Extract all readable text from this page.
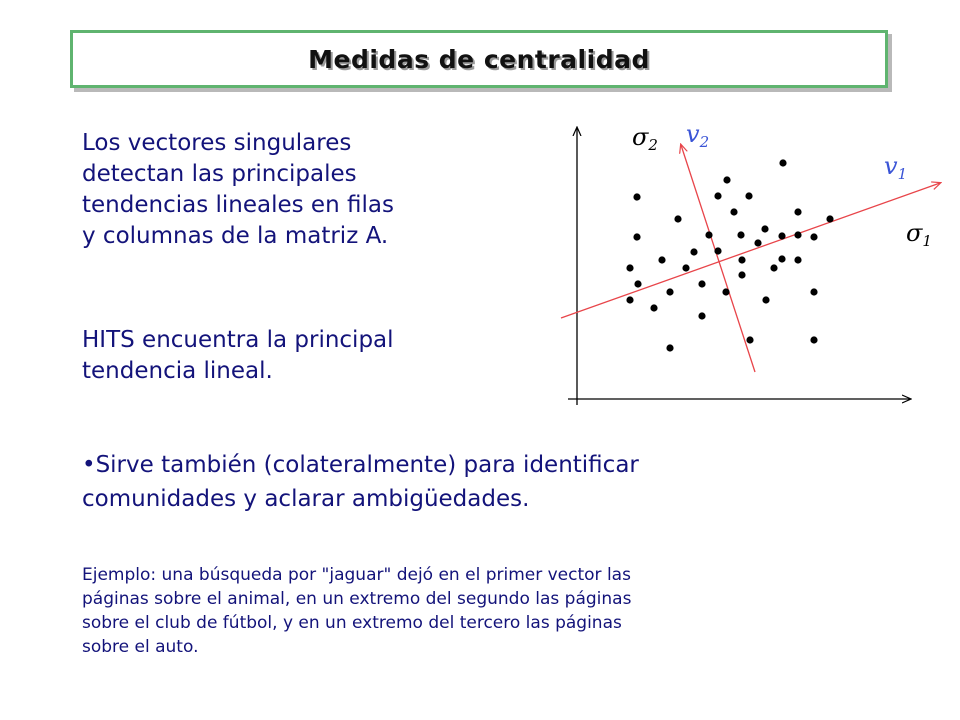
Medidas de centralidad

Los vectores singulares

detectan las principales

tendencias lineales en filas

y columnas de la matriz A.

HITS encuentra la principal

tendencia lineal.

•Sirve también (colateralmente) para identificar

comunidades y aclarar ambigüedades.

Ejemplo: una búsqueda por "jaguar" dejó en el primer vector las

páginas sobre el animal, en un extremo del segundo las páginas

sobre el club de fútbol, y en un extremo del tercero las páginas

sobre el auto.

$\sigma_2$ $v_2$
$v_1$
$\sigma_1$
